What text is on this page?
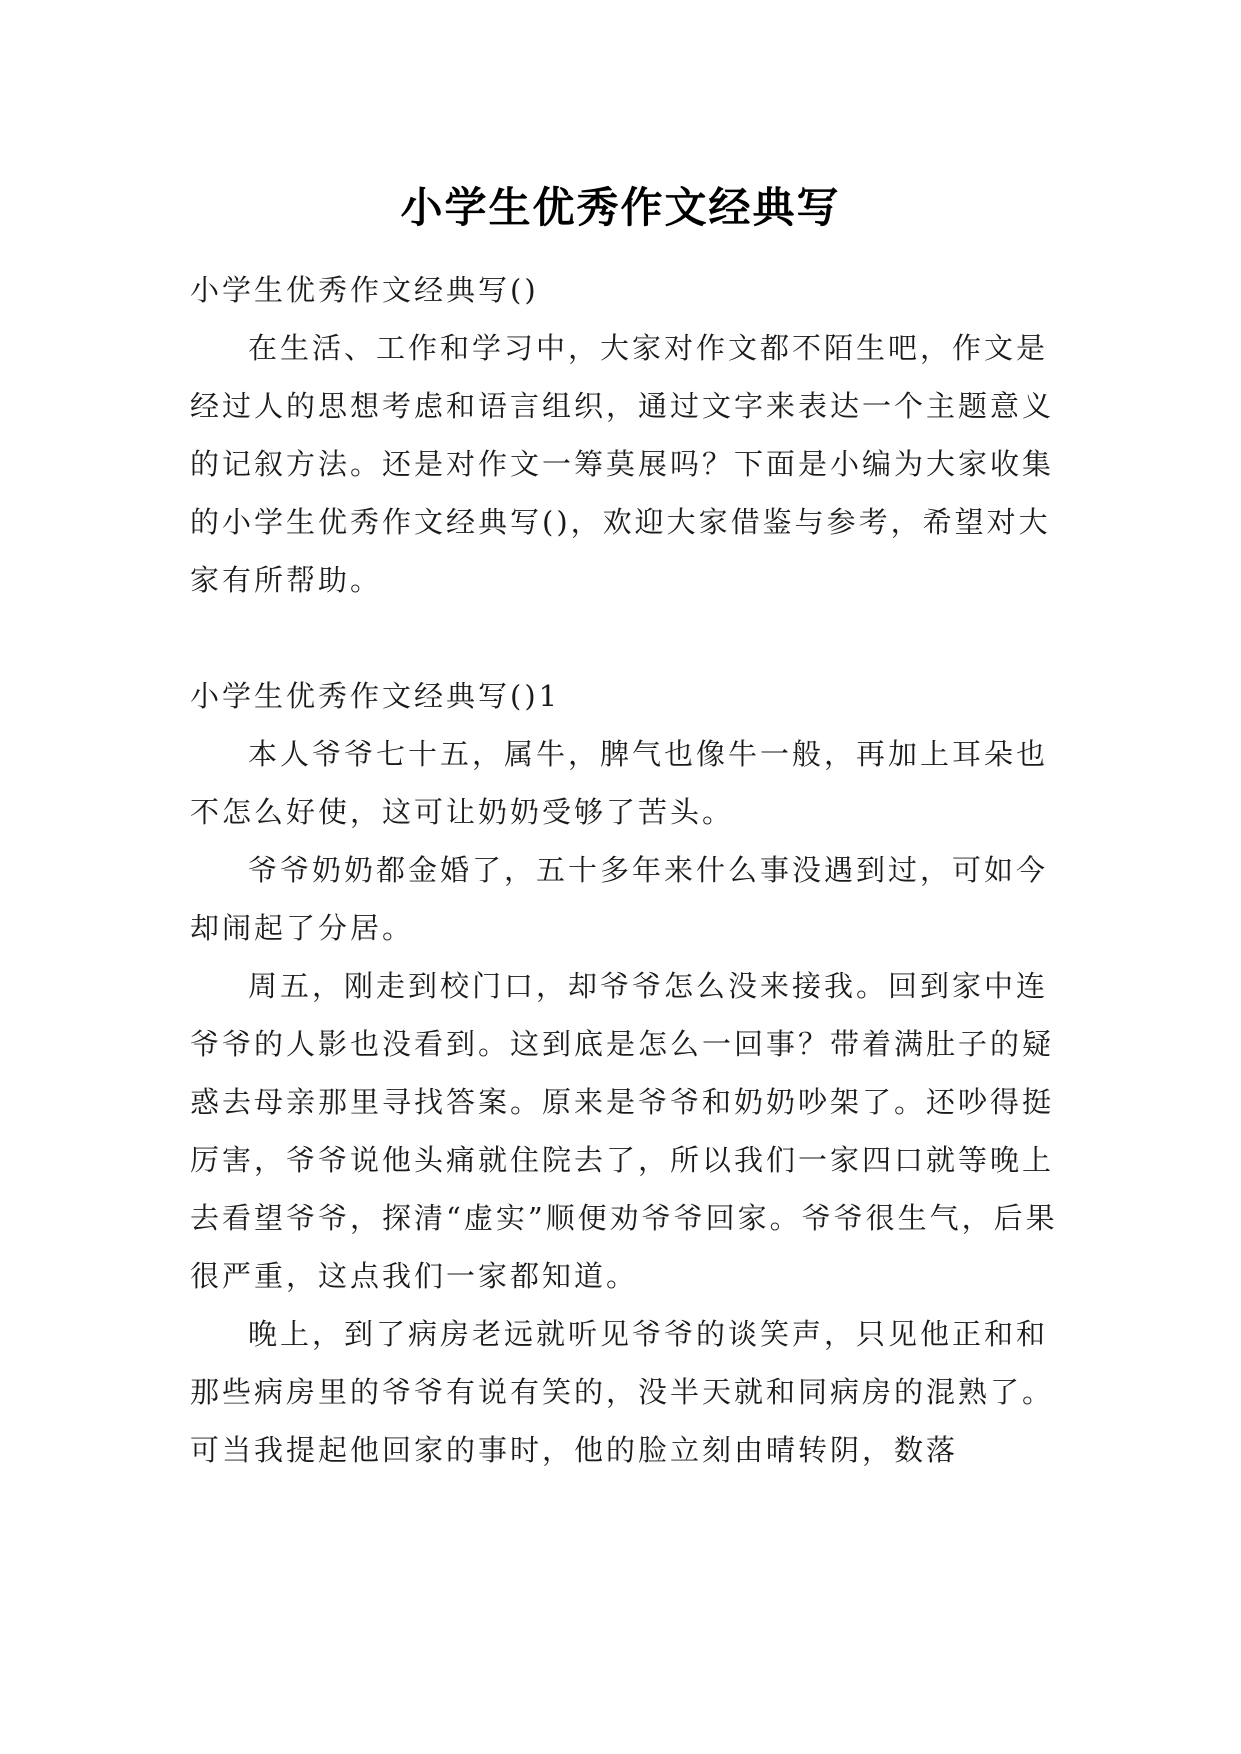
小学生优秀作文经典写

小学生优秀作文经典写()

在生活、工作和学习中，大家对作文都不陌生吧，作文是经过人的思想考虑和语言组织，通过文字来表达一个主题意义的记叙方法。还是对作文一筹莫展吗？下面是小编为大家收集的小学生优秀作文经典写()，欢迎大家借鉴与参考，希望对大家有所帮助。

小学生优秀作文经典写()1

本人爷爷七十五，属牛，脾气也像牛一般，再加上耳朵也不怎么好使，这可让奶奶受够了苦头。

爷爷奶奶都金婚了，五十多年来什么事没遇到过，可如今却闹起了分居。

周五，刚走到校门口，却爷爷怎么没来接我。回到家中连爷爷的人影也没看到。这到底是怎么一回事？带着满肚子的疑惑去母亲那里寻找答案。原来是爷爷和奶奶吵架了。还吵得挺厉害，爷爷说他头痛就住院去了，所以我们一家四口就等晚上去看望爷爷，探清“虚实”顺便劝爷爷回家。爷爷很生气，后果很严重，这点我们一家都知道。

晚上，到了病房老远就听见爷爷的谈笑声，只见他正和和那些病房里的爷爷有说有笑的，没半天就和同病房的混熟了。可当我提起他回家的事时，他的脸立刻由晴转阴，数落
